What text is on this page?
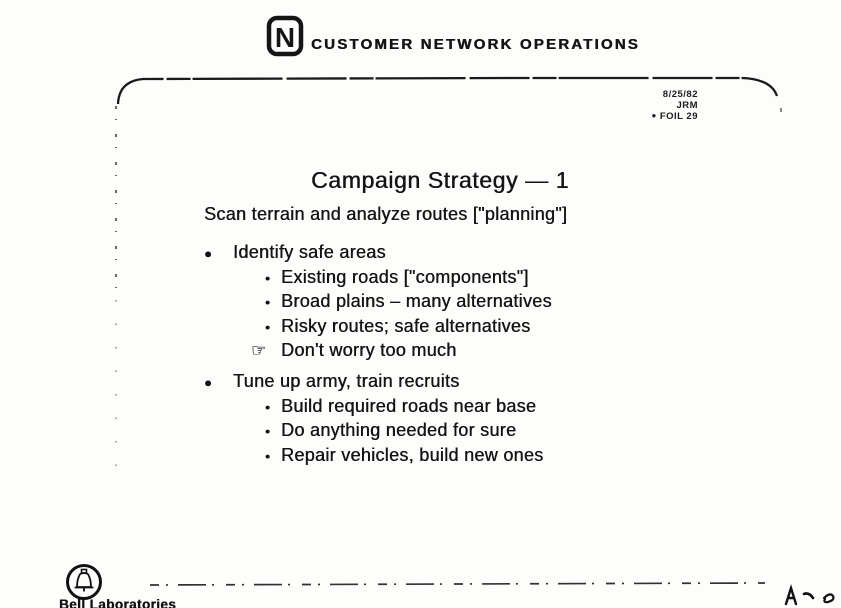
N CUSTOMER NETWORK OPERATIONS
8/25/82
JRM
● FOIL 29
Campaign Strategy — 1
Scan terrain and analyze routes ["planning"]
●	Identify safe areas
• Existing roads ["components"]
• Broad plains – many alternatives
• Risky routes; safe alternatives
☞ Don't worry too much
●	Tune up army, train recruits
• Build required roads near base
• Do anything needed for sure
• Repair vehicles, build new ones
Bell Laboratories
